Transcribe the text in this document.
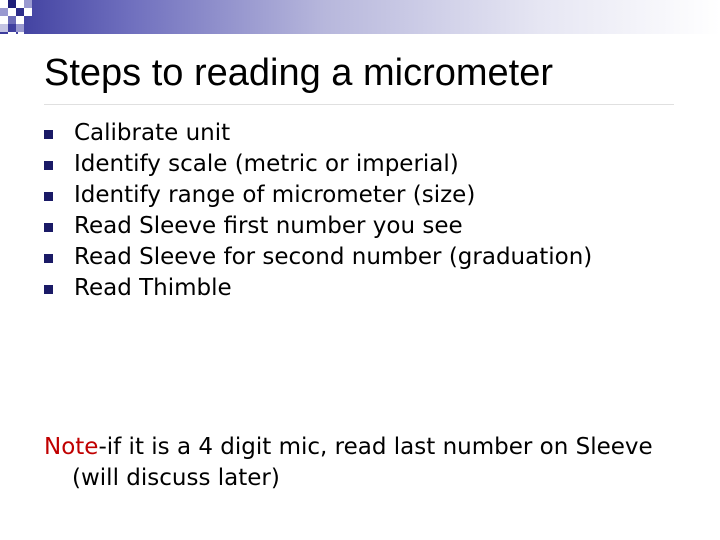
Steps to reading a micrometer
Calibrate unit
Identify scale (metric or imperial)
Identify range of micrometer (size)
Read Sleeve first number you see
Read Sleeve for second number (graduation)
Read Thimble

Note-if it is a 4 digit mic, read last number on Sleeve (will discuss later)
